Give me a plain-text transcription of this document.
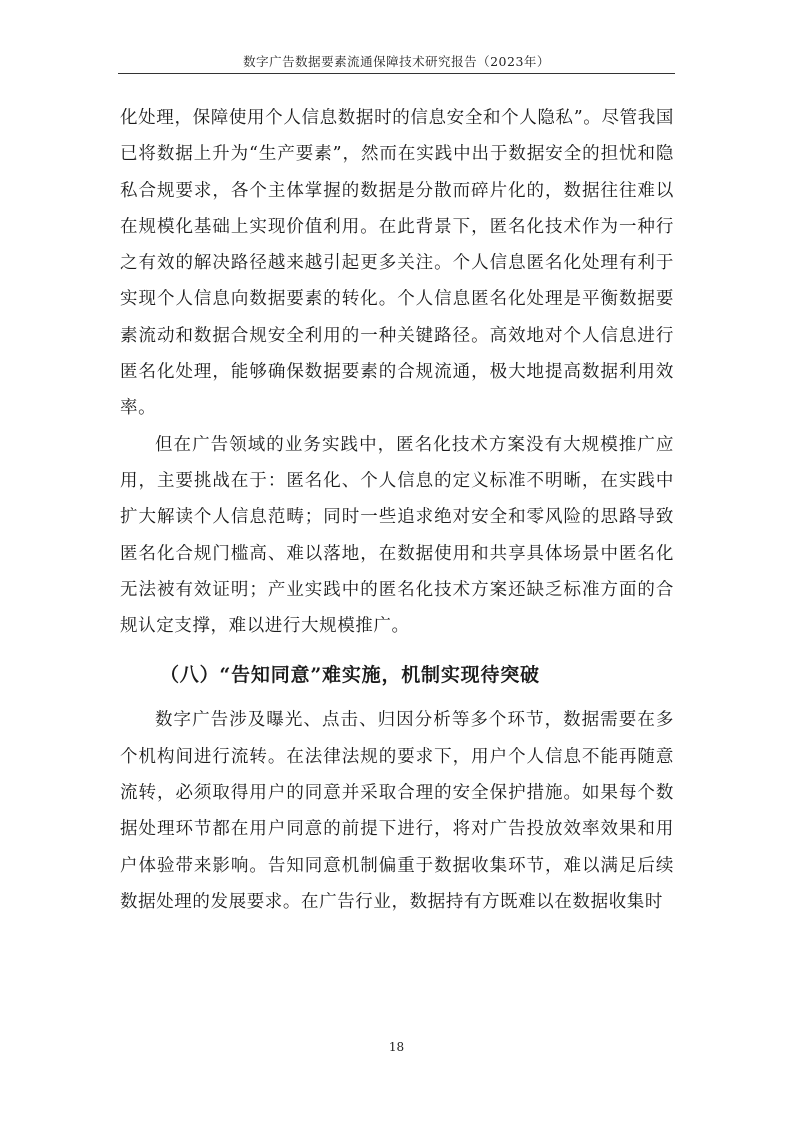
数字广告数据要素流通保障技术研究报告（2023年）

化处理，保障使用个人信息数据时的信息安全和个人隐私”。尽管我国已将数据上升为“生产要素”，然而在实践中出于数据安全的担忧和隐私合规要求，各个主体掌握的数据是分散而碎片化的，数据往往难以在规模化基础上实现价值利用。在此背景下，匿名化技术作为一种行之有效的解决路径越来越引起更多关注。个人信息匿名化处理有利于实现个人信息向数据要素的转化。个人信息匿名化处理是平衡数据要素流动和数据合规安全利用的一种关键路径。高效地对个人信息进行匿名化处理，能够确保数据要素的合规流通，极大地提高数据利用效率。

但在广告领域的业务实践中，匿名化技术方案没有大规模推广应用，主要挑战在于：匿名化、个人信息的定义标准不明晰，在实践中扩大解读个人信息范畴；同时一些追求绝对安全和零风险的思路导致匿名化合规门槛高、难以落地，在数据使用和共享具体场景中匿名化无法被有效证明；产业实践中的匿名化技术方案还缺乏标准方面的合规认定支撑，难以进行大规模推广。

（八）“告知同意”难实施，机制实现待突破

数字广告涉及曝光、点击、归因分析等多个环节，数据需要在多个机构间进行流转。在法律法规的要求下，用户个人信息不能再随意流转，必须取得用户的同意并采取合理的安全保护措施。如果每个数据处理环节都在用户同意的前提下进行，将对广告投放效率效果和用户体验带来影响。告知同意机制偏重于数据收集环节，难以满足后续数据处理的发展要求。在广告行业，数据持有方既难以在数据收集时

18
